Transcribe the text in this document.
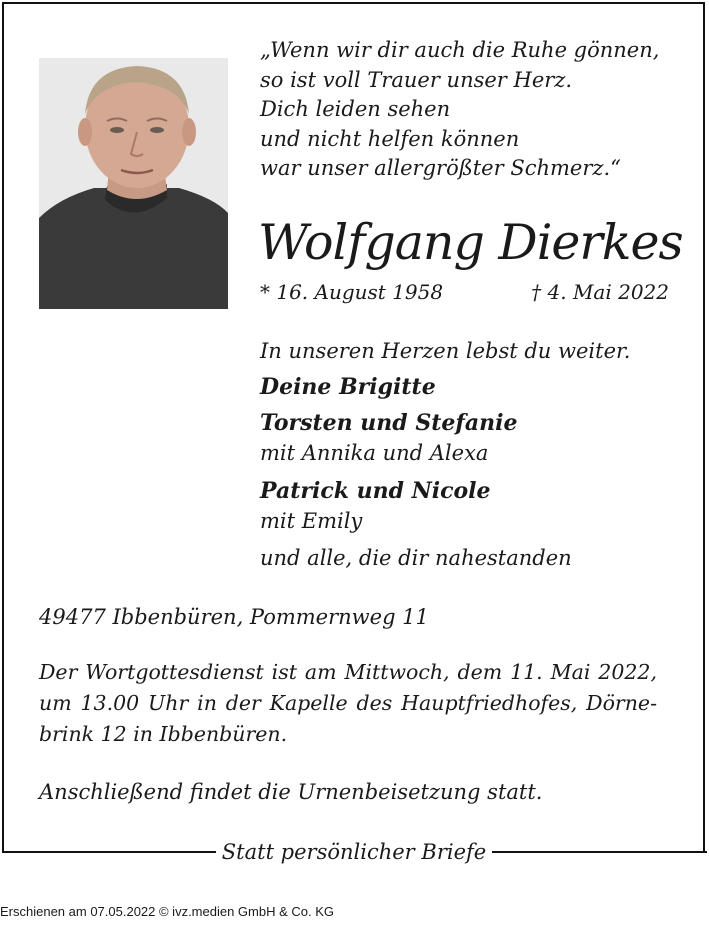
„Wenn wir dir auch die Ruhe gönnen,
so ist voll Trauer unser Herz.
Dich leiden sehen
und nicht helfen können
war unser allergrößter Schmerz.“
Wolfgang Dierkes
* 16. August 1958	† 4. Mai 2022
In unseren Herzen lebst du weiter.
Deine Brigitte
Torsten und Stefanie
mit Annika und Alexa
Patrick und Nicole
mit Emily
und alle, die dir nahestanden
49477 Ibbenbüren, Pommernweg 11
Der Wortgottesdienst ist am Mittwoch, dem 11. Mai 2022,
um 13.00 Uhr in der Kapelle des Hauptfriedhofes, Dörne-
brink 12 in Ibbenbüren.
Anschließend findet die Urnenbeisetzung statt.
Statt persönlicher Briefe
Erschienen am 07.05.2022 © ivz.medien GmbH & Co. KG
